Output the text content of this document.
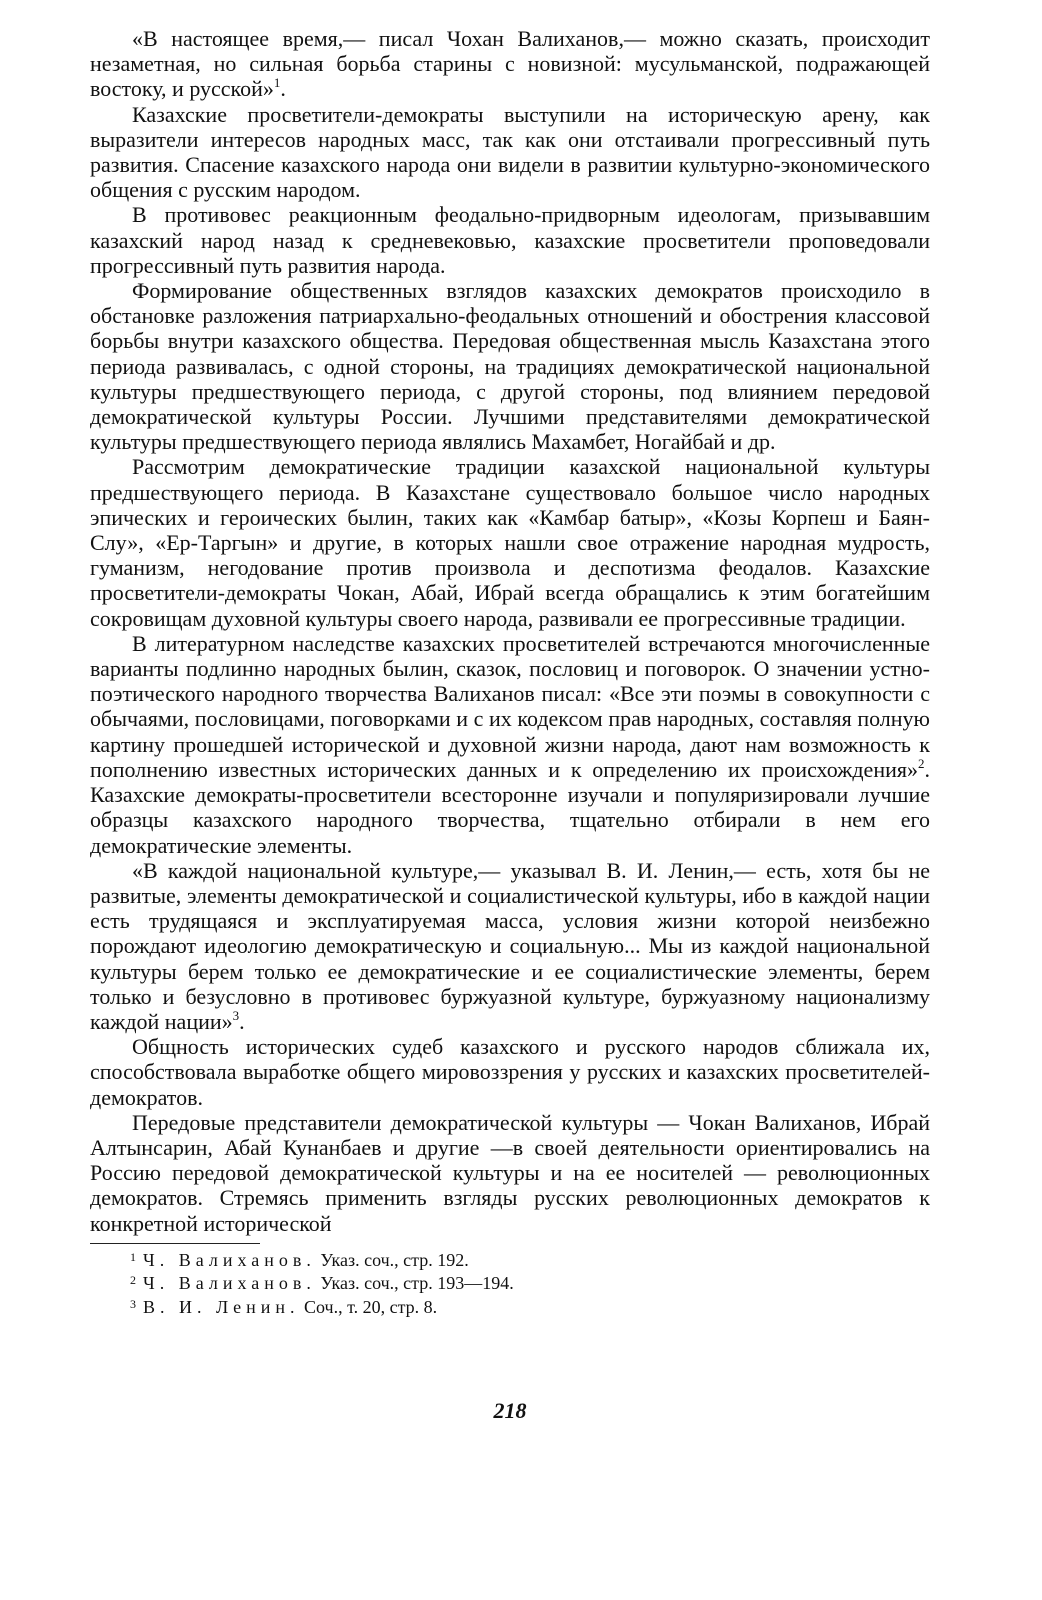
«В настоящее время,— писал Чохан Валиханов,— можно сказать, происходит незаметная, но сильная борьба старины с новизной: мусульманской, подражающей востоку, и русской»$^1$.

Казахские просветители-демократы выступили на историческую арену, как выразители интересов народных масс, так как они отстаивали прогрессивный путь развития. Спасение казахского народа они видели в развитии культурно-экономического общения с русским народом.

В противовес реакционным феодально-придворным идеологам, призывавшим казахский народ назад к средневековью, казахские просветители проповедовали прогрессивный путь развития народа.

Формирование общественных взглядов казахских демократов происходило в обстановке разложения патриархально-феодальных отношений и обострения классовой борьбы внутри казахского общества. Передовая общественная мысль Казахстана этого периода развивалась, с одной стороны, на традициях демократической национальной культуры предшествующего периода, с другой стороны, под влиянием передовой демократической культуры России. Лучшими представителями демократической культуры предшествующего периода являлись Махамбет, Ногайбай и др.

Рассмотрим демократические традиции казахской национальной культуры предшествующего периода. В Казахстане существовало большое число народных эпических и героических былин, таких как «Камбар батыр», «Козы Корпеш и Баян-Слу», «Ер-Таргын» и другие, в которых нашли свое отражение народная мудрость, гуманизм, негодование против произвола и деспотизма феодалов. Казахские просветители-демократы Чокан, Абай, Ибрай всегда обращались к этим богатейшим сокровищам духовной культуры своего народа, развивали ее прогрессивные традиции.

В литературном наследстве казахских просветителей встречаются многочисленные варианты подлинно народных былин, сказок, пословиц и поговорок. О значении устно-поэтического народного творчества Валиханов писал: «Все эти поэмы в совокупности с обычаями, пословицами, поговорками и с их кодексом прав народных, составляя полную картину прошедшей исторической и духовной жизни народа, дают нам возможность к пополнению известных исторических данных и к определению их происхождения»$^2$. Казахские демократы-просветители всесторонне изучали и популяризировали лучшие образцы казахского народного творчества, тщательно отбирали в нем его демократические элементы.

«В каждой национальной культуре,— указывал В. И. Ленин,— есть, хотя бы не развитые, элементы демократической и социалистической культуры, ибо в каждой нации есть трудящаяся и эксплуатируемая масса, условия жизни которой неизбежно порождают идеологию демократическую и социальную... Мы из каждой национальной культуры берем только ее демократические и ее социалистические элементы, берем только и безусловно в противовес буржуазной культуре, буржуазному национализму каждой нации»$^3$.

Общность исторических судеб казахского и русского народов сближала их, способствовала выработке общего мировоззрения у русских и казахских просветителей-демократов.

Передовые представители демократической культуры — Чокан Валиханов, Ибрай Алтынсарин, Абай Кунанбаев и другие —в своей деятельности ориентировались на Россию передовой демократической культуры и на ее носителей — революционных демократов. Стремясь применить взгляды русских революционных демократов к конкретной исторической

$^1$ Ч. Валиханов. Указ. соч., стр. 192.

$^2$ Ч. Валиханов. Указ. соч., стр. 193—194.

$^3$ В. И. Ленин. Соч., т. 20, стр. 8.

218
